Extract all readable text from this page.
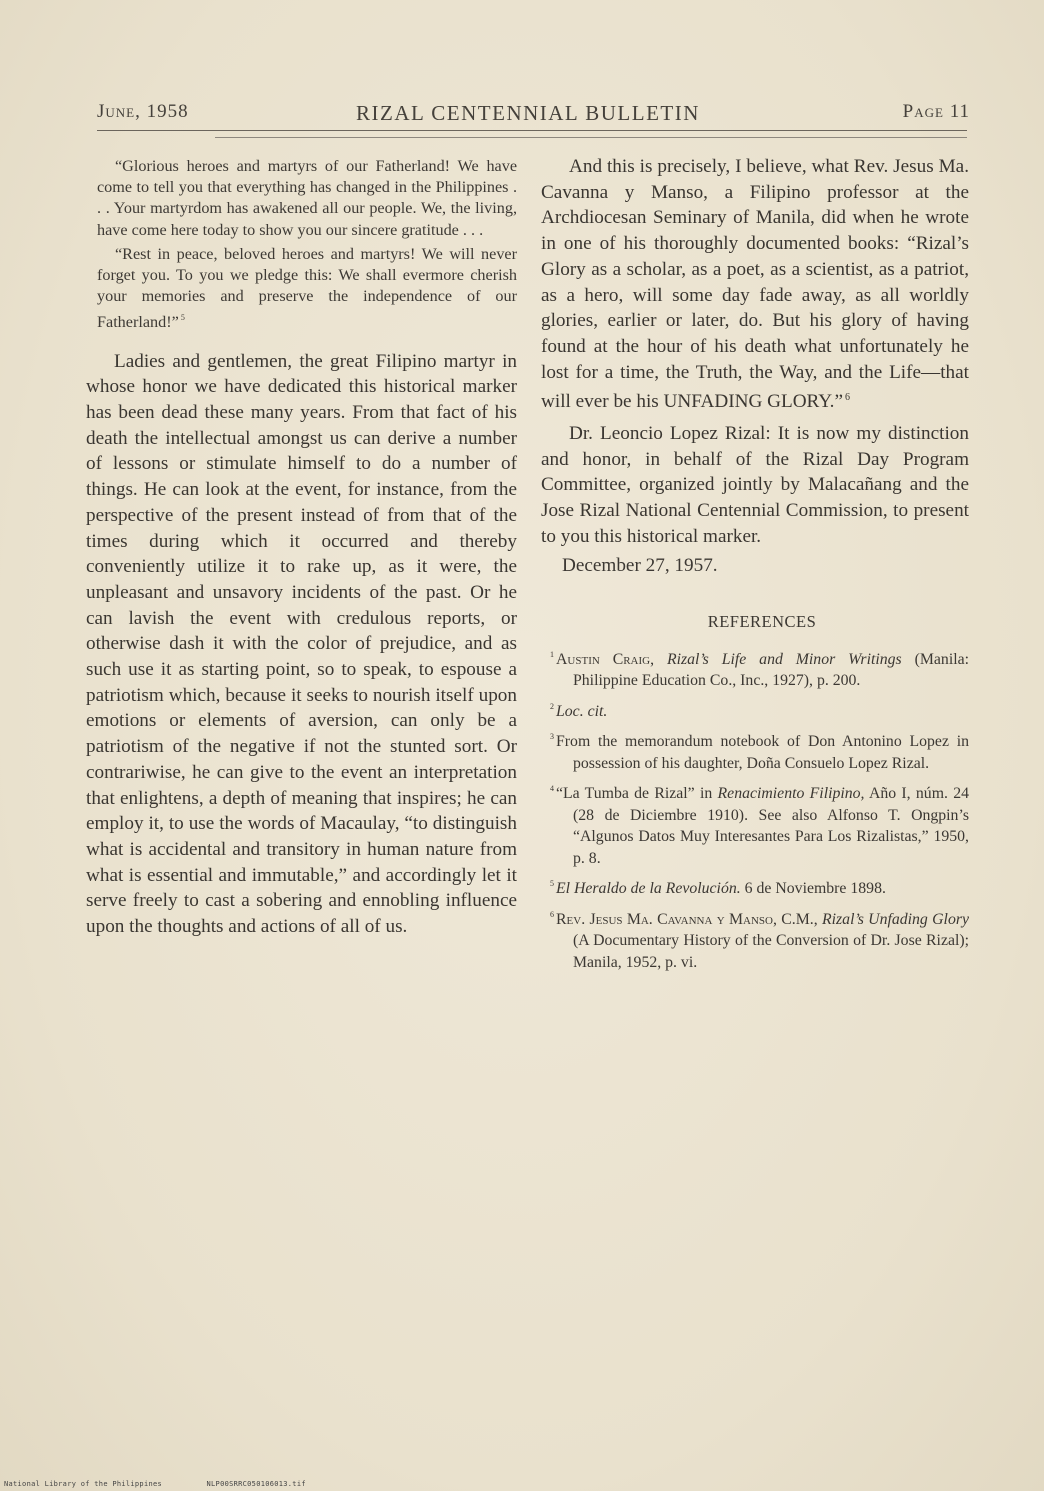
June, 1958	RIZAL CENTENNIAL BULLETIN	Page 11

“Glorious heroes and martyrs of our Fatherland! We have come to tell you that everything has changed in the Philippines . . . Your martyrdom has awakened all our people. We, the living, have come here today to show you our sincere gratitude . . .

“Rest in peace, beloved heroes and martyrs! We will never forget you. To you we pledge this: We shall evermore cherish your memories and preserve the independence of our Fatherland!” $^5$

Ladies and gentlemen, the great Filipino martyr in whose honor we have dedicated this historical marker has been dead these many years. From that fact of his death the intellectual amongst us can derive a number of lessons or stimulate himself to do a number of things. He can look at the event, for instance, from the perspective of the present instead of from that of the times during which it occurred and thereby conveniently utilize it to rake up, as it were, the unpleasant and unsavory incidents of the past. Or he can lavish the event with credulous reports, or otherwise dash it with the color of prejudice, and as such use it as starting point, so to speak, to espouse a patriotism which, because it seeks to nourish itself upon emotions or elements of aversion, can only be a patriotism of the negative if not the stunted sort. Or contrariwise, he can give to the event an interpretation that enlightens, a depth of meaning that inspires; he can employ it, to use the words of Macaulay, “to distinguish what is accidental and transitory in human nature from what is essential and immutable,” and accordingly let it serve freely to cast a sobering and ennobling influence upon the thoughts and actions of all of us.

And this is precisely, I believe, what Rev. Jesus Ma. Cavanna y Manso, a Filipino professor at the Archdiocesan Seminary of Manila, did when he wrote in one of his thoroughly documented books: “Rizal’s Glory as a scholar, as a poet, as a scientist, as a patriot, as a hero, will some day fade away, as all worldly glories, earlier or later, do. But his glory of having found at the hour of his death what unfortunately he lost for a time, the Truth, the Way, and the Life—that will ever be his UNFADING GLORY.” $^6$

Dr. Leoncio Lopez Rizal: It is now my distinction and honor, in behalf of the Rizal Day Program Committee, organized jointly by Malacañang and the Jose Rizal National Centennial Commission, to present to you this historical marker.

December 27, 1957.

REFERENCES

$^1$ Austin Craig, Rizal’s Life and Minor Writings (Manila: Philippine Education Co., Inc., 1927), p. 200.

$^2$ Loc. cit.

$^3$ From the memorandum notebook of Don Antonino Lopez in possession of his daughter, Doña Consuelo Lopez Rizal.

$^4$ “La Tumba de Rizal” in Renacimiento Filipino, Año I, núm. 24 (28 de Diciembre 1910). See also Alfonso T. Ongpin’s “Algunos Datos Muy Interesantes Para Los Rizalistas,” 1950, p. 8.

$^5$ El Heraldo de la Revolución. 6 de Noviembre 1898.

$^6$ Rev. Jesus Ma. Cavanna y Manso, C.M., Rizal’s Unfading Glory (A Documentary History of the Conversion of Dr. Jose Rizal); Manila, 1952, p. vi.

National Library of the Philippines	NLP00SRRC050106013.tif
